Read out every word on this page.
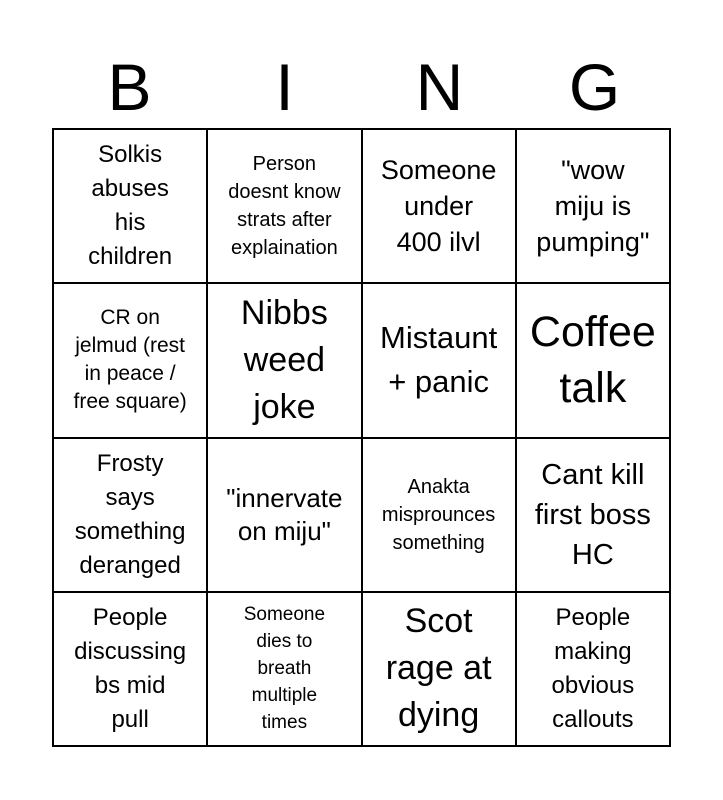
B	I	N	G
Solkis
abuses
his
children
Person
doesnt know
strats after
explaination
Someone
under
400 ilvl
"wow
miju is
pumping"
CR on
jelmud (rest
in peace /
free square)
Nibbs
weed
joke
Mistaunt
+ panic
Coffee
talk
Frosty
says
something
deranged
"innervate
on miju"
Anakta
misprounces
something
Cant kill
first boss
HC
People
discussing
bs mid
pull
Someone
dies to
breath
multiple
times
Scot
rage at
dying
People
making
obvious
callouts
